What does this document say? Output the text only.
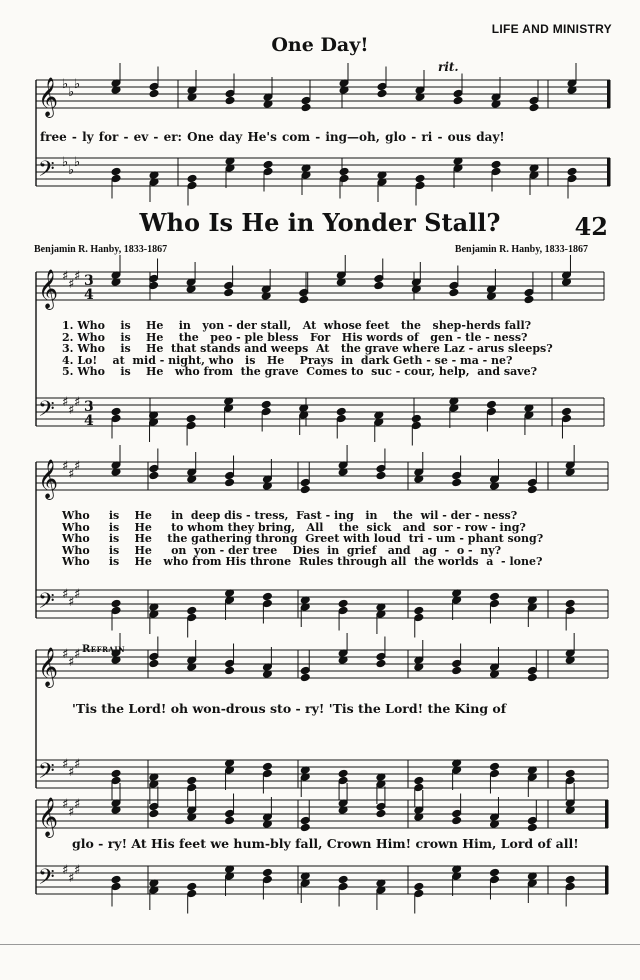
LIFE AND MINISTRY
One Day!
rit.
𝄞 ♭
♭
♭
𝄢 ♭
♭
♭
𝄞 ♯
♯
♯ 3
4
𝄢 ♯
♯
♯ 3
4
𝄞 ♯
♯
♯
𝄢 ♯
♯
♯
𝄞 ♯
♯
♯
𝄢 ♯
♯
♯
𝄞 ♯
♯
♯
𝄢 ♯
♯
♯
free - ly for - ev - er: One day He's com - ing—oh, glo - ri - ous day!
Who Is He in Yonder Stall?	42
Benjamin R. Hanby, 1833-1867	Benjamin R. Hanby, 1833-1867
1. Who    is    He    in   yon - der stall,   At  whose feet   the   shep-herds fall?
2. Who    is    He    the   peo - ple bless   For   His words of   gen - tle - ness?
3. Who    is    He  that stands and weeps  At   the grave where Laz - arus sleeps?
4. Lo!    at  mid - night, who   is   He    Prays  in  dark Geth - se - ma - ne?
5. Who    is    He   who from  the grave  Comes to  suc - cour, help,  and save?
Who     is    He     in  deep dis - tress,  Fast - ing   in    the  wil - der - ness?
Who     is    He     to whom they bring,   All    the  sick   and  sor - row - ing?
Who     is    He    the gathering throng  Greet with loud  tri - um - phant song?
Who     is    He     on  yon - der tree    Dies  in  grief   and   ag  -  o -  ny?
Who     is    He   who from His throne  Rules through all  the worlds  a  - lone?
Refrain
'Tis the Lord! oh won-drous sto - ry! 'Tis the Lord! the King of
glo - ry! At His feet we hum-bly fall, Crown Him! crown Him, Lord of all!
